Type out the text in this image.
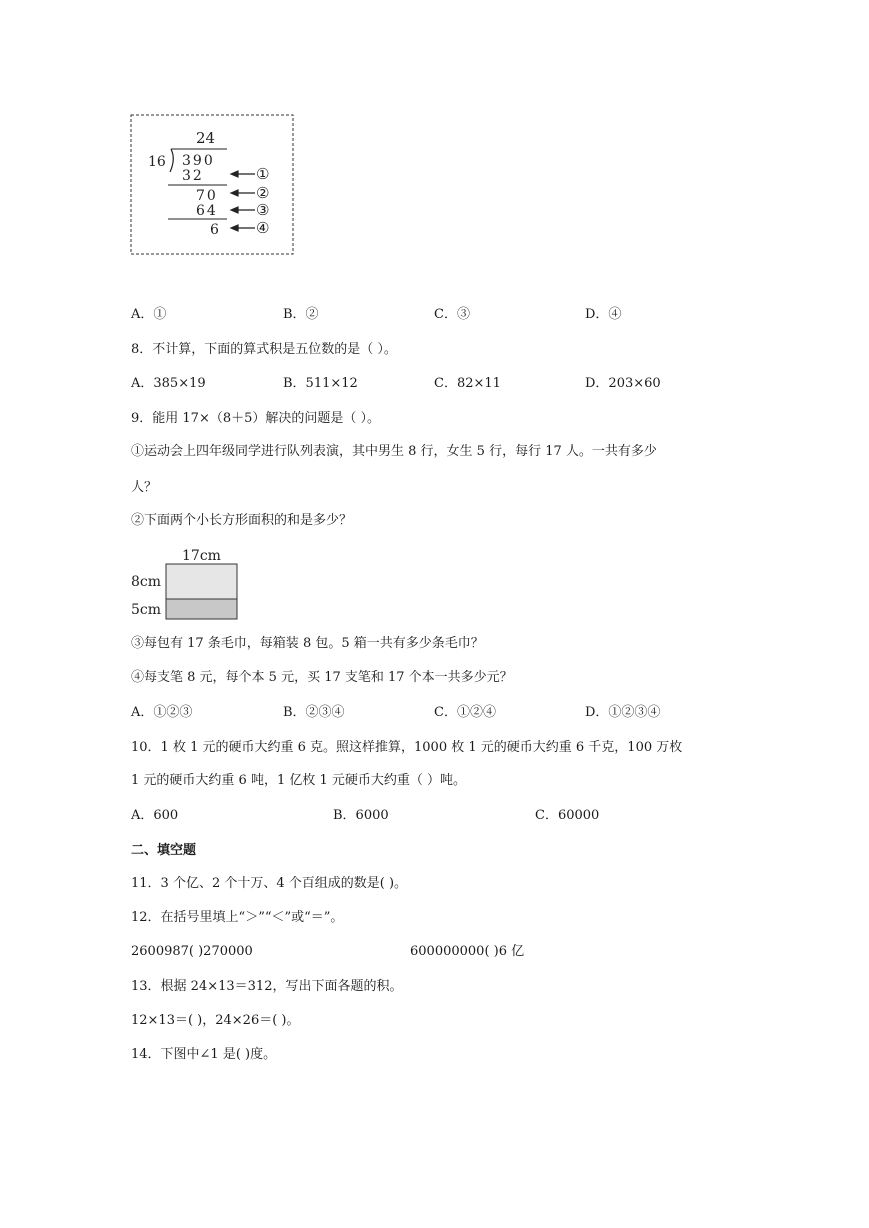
24
16 390
32
70
64
6
①
②
③
④
A．①	B．②	C．③	D．④
8．不计算，下面的算式积是五位数的是（ ）。
A．385×19	B．511×12	C．82×11	D．203×60
9．能用 17×（8＋5）解决的问题是（ ）。
①运动会上四年级同学进行队列表演，其中男生 8 行，女生 5 行，每行 17 人。一共有多少
人？
②下面两个小长方形面积的和是多少？
17cm
8cm
5cm
③每包有 17 条毛巾，每箱装 8 包。5 箱一共有多少条毛巾？
④每支笔 8 元，每个本 5 元，买 17 支笔和 17 个本一共多少元？
A．①②③	B．②③④	C．①②④	D．①②③④
10．1 枚 1 元的硬币大约重 6 克。照这样推算，1000 枚 1 元的硬币大约重 6 千克，100 万枚
1 元的硬币大约重 6 吨，1 亿枚 1 元硬币大约重（ ）吨。
A．600	B．6000	C．60000
二、填空题
11．3 个亿、2 个十万、4 个百组成的数是( )。
12．在括号里填上“＞”“＜”或“＝”。
2600987( )270000	600000000( )6 亿
13．根据 24×13＝312，写出下面各题的积。
12×13＝( )，24×26＝( )。
14．下图中∠1 是( )度。
